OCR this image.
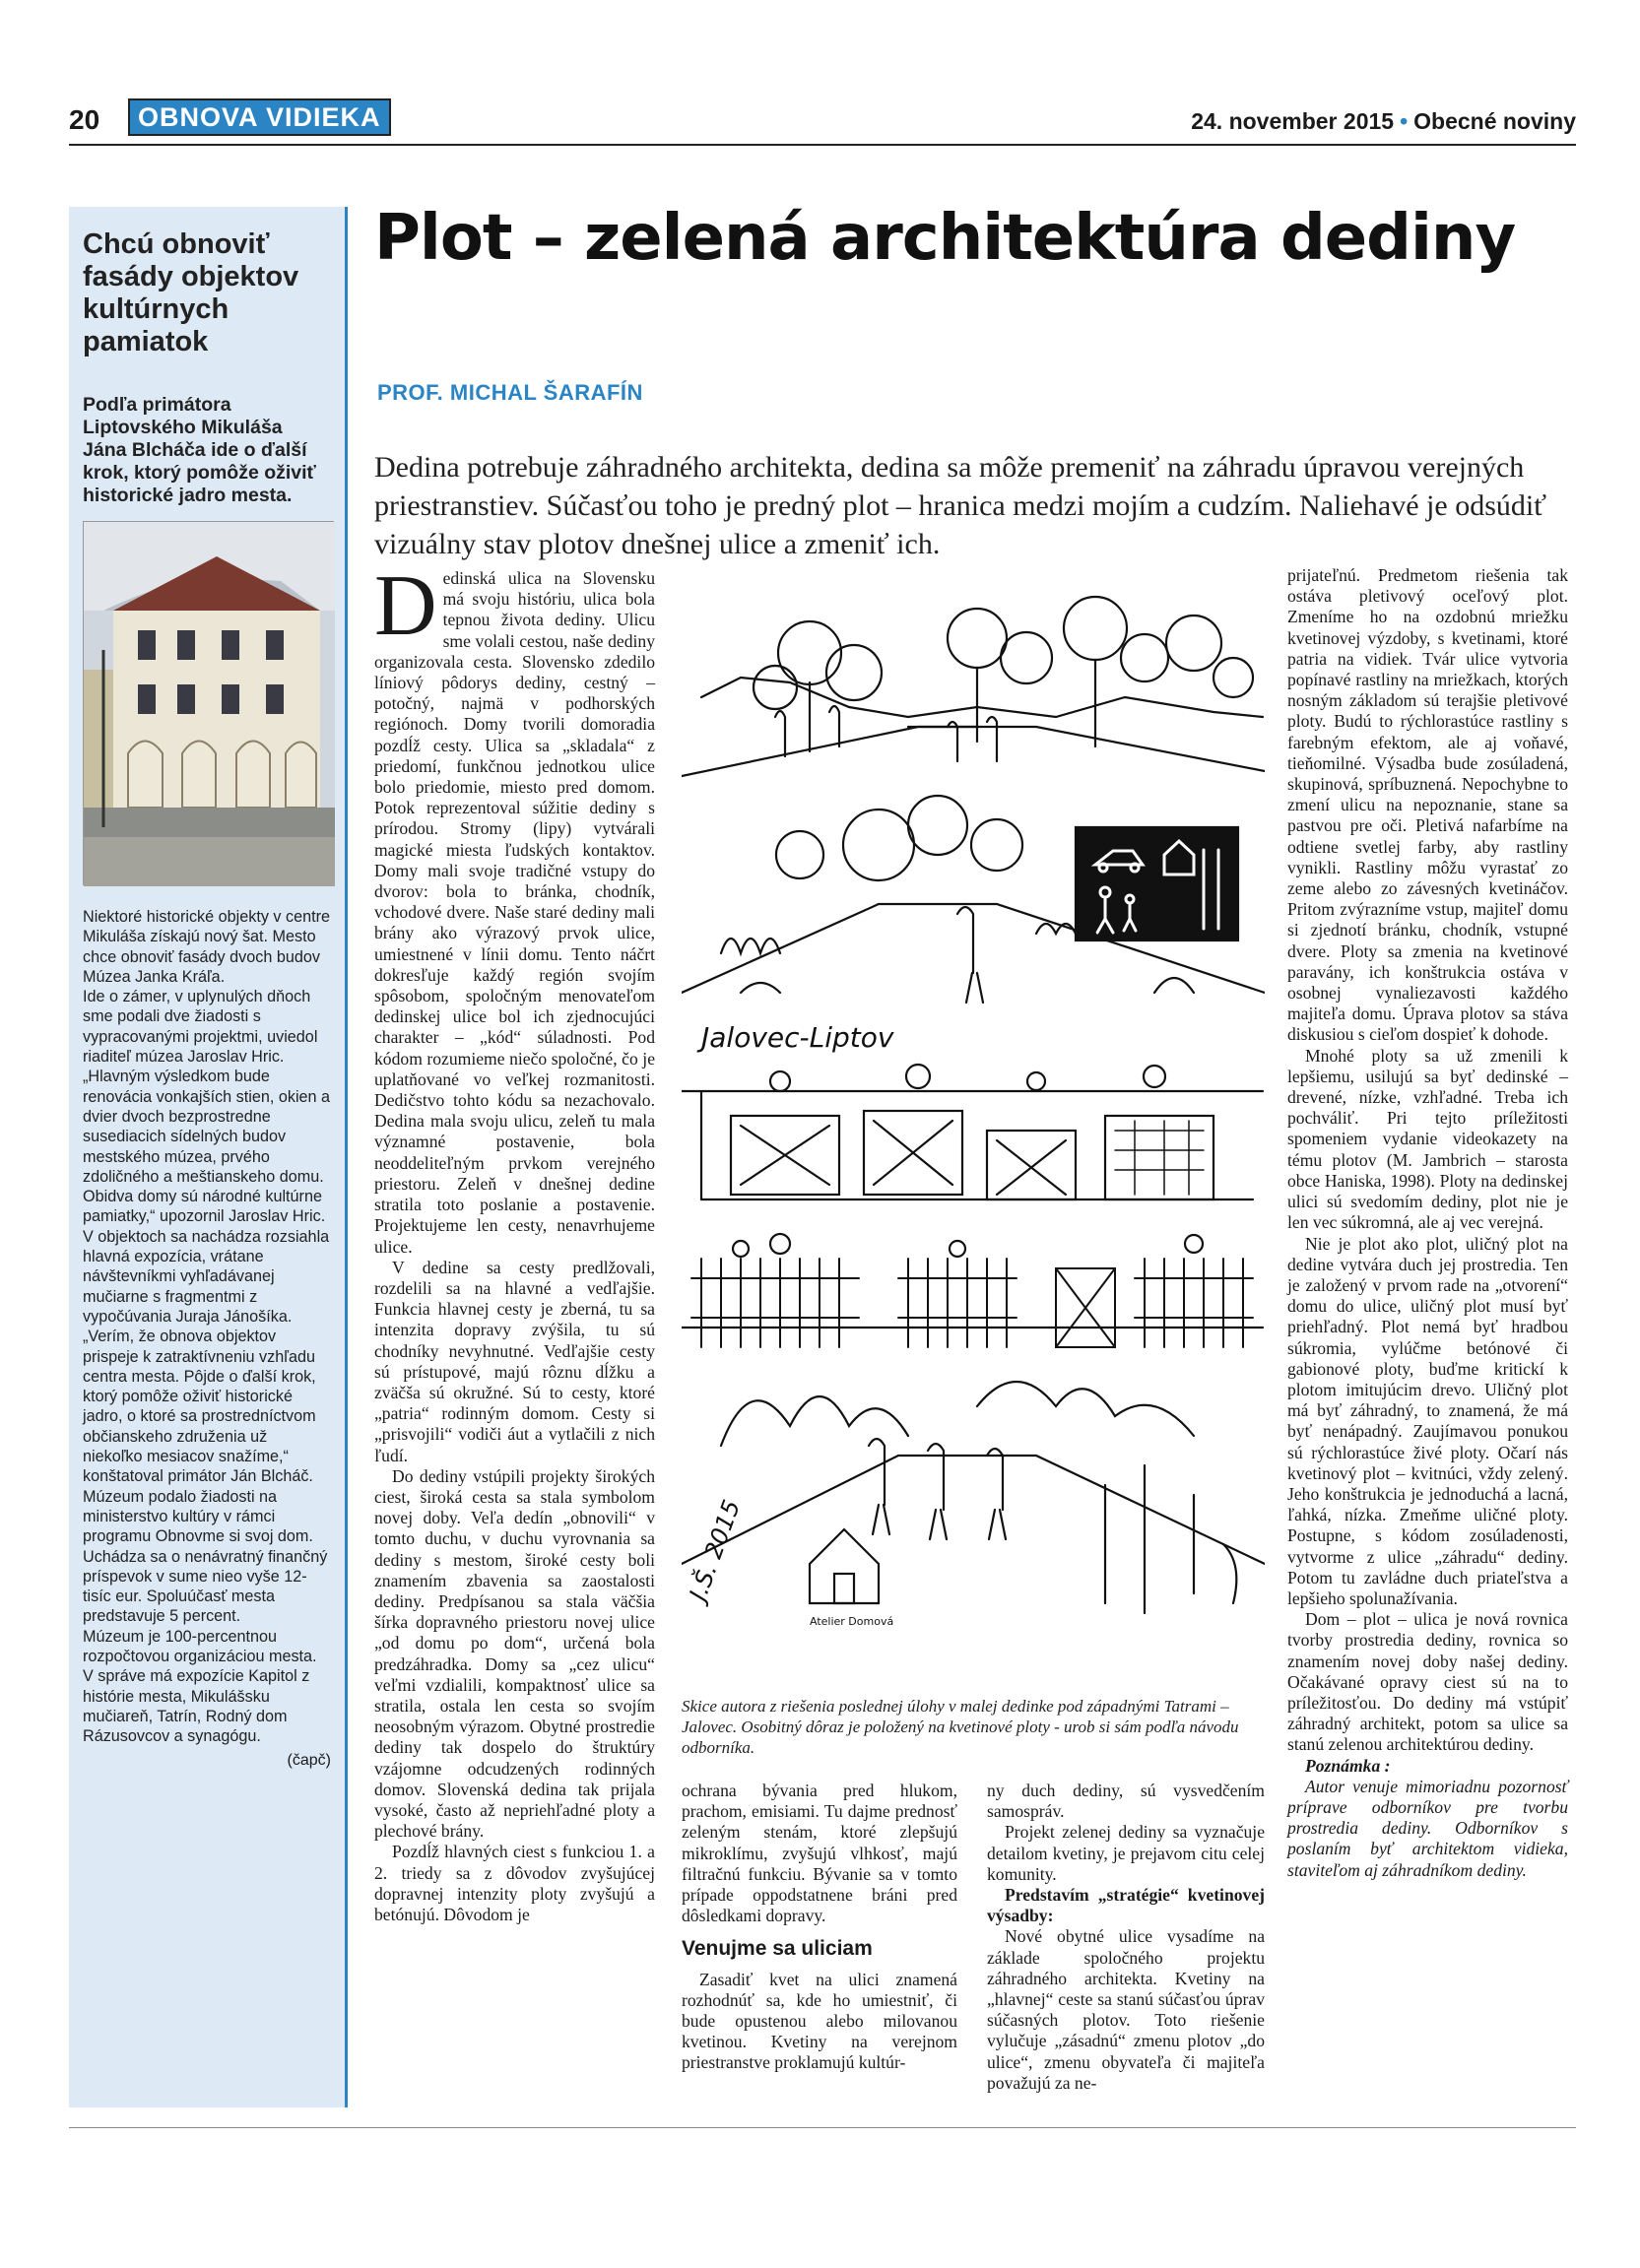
20	OBNOVA VIDIEKA	24. november 2015 • Obecné noviny
Chcú obnoviť fasády objektov kultúrnych pamiatok
Podľa primátora Liptovského Mikuláša Jána Blcháča ide o ďalší krok, ktorý pomôže oživiť historické jadro mesta.

Niektoré historické objekty v centre Mikuláša získajú nový šat. Mesto chce obnoviť fasády dvoch budov Múzea Janka Kráľa.

Ide o zámer, v uplynulých dňoch sme podali dve žiadosti s vypracovanými projektmi, uviedol riaditeľ múzea Jaroslav Hric.

„Hlavným výsledkom bude renovácia vonkajších stien, okien a dvier dvoch bezprostredne susediacich sídelných budov mestského múzea, prvého zdoličného a meštianskeho domu. Obidva domy sú národné kultúrne pamiatky,“ upozornil Jaroslav Hric.

V objektoch sa nachádza rozsiahla hlavná expozícia, vrátane návštevníkmi vyhľadávanej mučiarne s fragmentmi z vypočúvania Juraja Jánošíka.

„Verím, že obnova objektov prispeje k zatraktívneniu vzhľadu centra mesta. Pôjde o ďalší krok, ktorý pomôže oživiť historické jadro, o ktoré sa prostredníctvom občianskeho združenia už niekoľko mesiacov snažíme,“ konštatoval primátor Ján Blcháč.

Múzeum podalo žiadosti na ministerstvo kultúry v rámci programu Obnovme si svoj dom. Uchádza sa o nenávratný finančný príspevok v sume nieo vyše 12-tisíc eur. Spoluúčasť mesta predstavuje 5 percent.

Múzeum je 100-percentnou rozpočtovou organizáciou mesta. V správe má expozície Kapitol z histórie mesta, Mikulášsku mučiareň, Tatrín, Rodný dom Rázusovcov a synagógu.

(čapč)
Plot – zelená architektúra dediny
PROF. MICHAL ŠARAFÍN
Dedina potrebuje záhradného architekta, dedina sa môže premeniť na záhradu úpravou verejných priestranstiev. Súčasťou toho je predný plot – hranica medzi mojím a cudzím. Naliehavé je odsúdiť vizuálny stav plotov dnešnej ulice a zmeniť ich.

Dedinská ulica na Slovensku má svoju históriu, ulica bola tepnou života dediny. Ulicu sme volali cestou, naše dediny organizovala cesta. Slovensko zdedilo líniový pôdorys dediny, cestný – potočný, najmä v podhorských regiónoch. Domy tvorili domoradia pozdĺž cesty. Ulica sa „skladala“ z priedomí, funkčnou jednotkou ulice bolo priedomie, miesto pred domom. Potok reprezentoval súžitie dediny s prírodou. Stromy (lipy) vytvárali magické miesta ľudských kontaktov. Domy mali svoje tradičné vstupy do dvorov: bola to bránka, chodník, vchodové dvere. Naše staré dediny mali brány ako výrazový prvok ulice, umiestnené v línii domu. Tento náčrt dokresľuje každý región svojím spôsobom, spoločným menovateľom dedinskej ulice bol ich zjednocujúci charakter – „kód“ súladnosti. Pod kódom rozumieme niečo spoločné, čo je uplatňované vo veľkej rozmanitosti. Dedičstvo tohto kódu sa nezachovalo. Dedina mala svoju ulicu, zeleň tu mala významné postavenie, bola neoddeliteľným prvkom verejného priestoru. Zeleň v dnešnej dedine stratila toto poslanie a postavenie. Projektujeme len cesty, nenavrhujeme ulice.

V dedine sa cesty predlžovali, rozdelili sa na hlavné a vedľajšie. Funkcia hlavnej cesty je zberná, tu sa intenzita dopravy zvýšila, tu sú chodníky nevyhnutné. Vedľajšie cesty sú prístupové, majú rôznu dĺžku a zväčša sú okružné. Sú to cesty, ktoré „patria“ rodinným domom. Cesty si „prisvojili“ vodiči áut a vytlačili z nich ľudí.

Do dediny vstúpili projekty širokých ciest, široká cesta sa stala symbolom novej doby. Veľa dedín „obnovili“ v tomto duchu, v duchu vyrovnania sa dediny s mestom, široké cesty boli znamením zbavenia sa zaostalosti dediny. Predpísanou sa stala väčšia šírka dopravného priestoru novej ulice „od domu po dom“, určená bola predzáhradka. Domy sa „cez ulicu“ veľmi vzdialili, kompaktnosť ulice sa stratila, ostala len cesta so svojím neosobným výrazom. Obytné prostredie dediny tak dospelo do štruktúry vzájomne odcudzených rodinných domov. Slovenská dedina tak prijala vysoké, často až nepriehľadné ploty a plechové brány.

Pozdĺž hlavných ciest s funkciou 1. a 2. triedy sa z dôvodov zvyšujúcej dopravnej intenzity ploty zvyšujú a betónujú. Dôvodom je

Jalovec-Liptov
Atelier Domová
J.Š. 2015
Skice autora z riešenia poslednej úlohy v malej dedinke pod západnými Tatrami – Jalovec. Osobitný dôraz je položený na kvetinové ploty - urob si sám podľa návodu odborníka.

ochrana bývania pred hlukom, prachom, emisiami. Tu dajme prednosť zeleným stenám, ktoré zlepšujú mikroklímu, zvyšujú vlhkosť, majú filtračnú funkciu. Bývanie sa v tomto prípade oppodstatnene bráni pred dôsledkami dopravy.

Venujme sa uliciam

Zasadiť kvet na ulici znamená rozhodnúť sa, kde ho umiestniť, či bude opustenou alebo milovanou kvetinou. Kvetiny na verejnom priestranstve proklamujú kultúr-

ny duch dediny, sú vysvedčením samospráv.

Projekt zelenej dediny sa vyznačuje detailom kvetiny, je prejavom citu celej komunity.

Predstavím „stratégie“ kvetinovej výsadby:

Nové obytné ulice vysadíme na základe spoločného projektu záhradného architekta. Kvetiny na „hlavnej“ ceste sa stanú súčasťou úprav súčasných plotov. Toto riešenie vylučuje „zásadnú“ zmenu plotov „do ulice“, zmenu obyvateľa či majiteľa považujú za ne-

prijateľnú. Predmetom riešenia tak ostáva pletivový oceľový plot. Zmeníme ho na ozdobnú mriežku kvetinovej výzdoby, s kvetinami, ktoré patria na vidiek. Tvár ulice vytvoria popínavé rastliny na mriežkach, ktorých nosným základom sú terajšie pletivové ploty. Budú to rýchlorastúce rastliny s farebným efektom, ale aj voňavé, tieňomilné. Výsadba bude zosúladená, skupinová, spríbuznená. Nepochybne to zmení ulicu na nepoznanie, stane sa pastvou pre oči. Pletivá nafarbíme na odtiene svetlej farby, aby rastliny vynikli. Rastliny môžu vyrastať zo zeme alebo zo závesných kvetináčov. Pritom zvýrazníme vstup, majiteľ domu si zjednotí bránku, chodník, vstupné dvere. Ploty sa zmenia na kvetinové paravány, ich konštrukcia ostáva v osobnej vynaliezavosti každého majiteľa domu. Úprava plotov sa stáva diskusiou s cieľom dospieť k dohode.

Mnohé ploty sa už zmenili k lepšiemu, usilujú sa byť dedinské – drevené, nízke, vzhľadné. Treba ich pochváliť. Pri tejto príležitosti spomeniem vydanie videokazety na tému plotov (M. Jambrich – starosta obce Haniska, 1998). Ploty na dedinskej ulici sú svedomím dediny, plot nie je len vec súkromná, ale aj vec verejná.

Nie je plot ako plot, uličný plot na dedine vytvára duch jej prostredia. Ten je založený v prvom rade na „otvorení“ domu do ulice, uličný plot musí byť priehľadný. Plot nemá byť hradbou súkromia, vylúčme betónové či gabionové ploty, buďme kritickí k plotom imitujúcim drevo. Uličný plot má byť záhradný, to znamená, že má byť nenápadný. Zaujímavou ponukou sú rýchlorastúce živé ploty. Očarí nás kvetinový plot – kvitnúci, vždy zelený. Jeho konštrukcia je jednoduchá a lacná, ľahká, nízka. Zmeňme uličné ploty. Postupne, s kódom zosúladenosti, vytvorme z ulice „záhradu“ dediny. Potom tu zavládne duch priateľstva a lepšieho spolunažívania.

Dom – plot – ulica je nová rovnica tvorby prostredia dediny, rovnica so znamením novej doby našej dediny. Očakávané opravy ciest sú na to príležitosťou. Do dediny má vstúpiť záhradný architekt, potom sa ulice sa stanú zelenou architektúrou dediny.

Poznámka :

Autor venuje mimoriadnu pozornosť príprave odborníkov pre tvorbu prostredia dediny. Odborníkov s poslaním byť architektom vidieka, staviteľom aj záhradníkom dediny.
